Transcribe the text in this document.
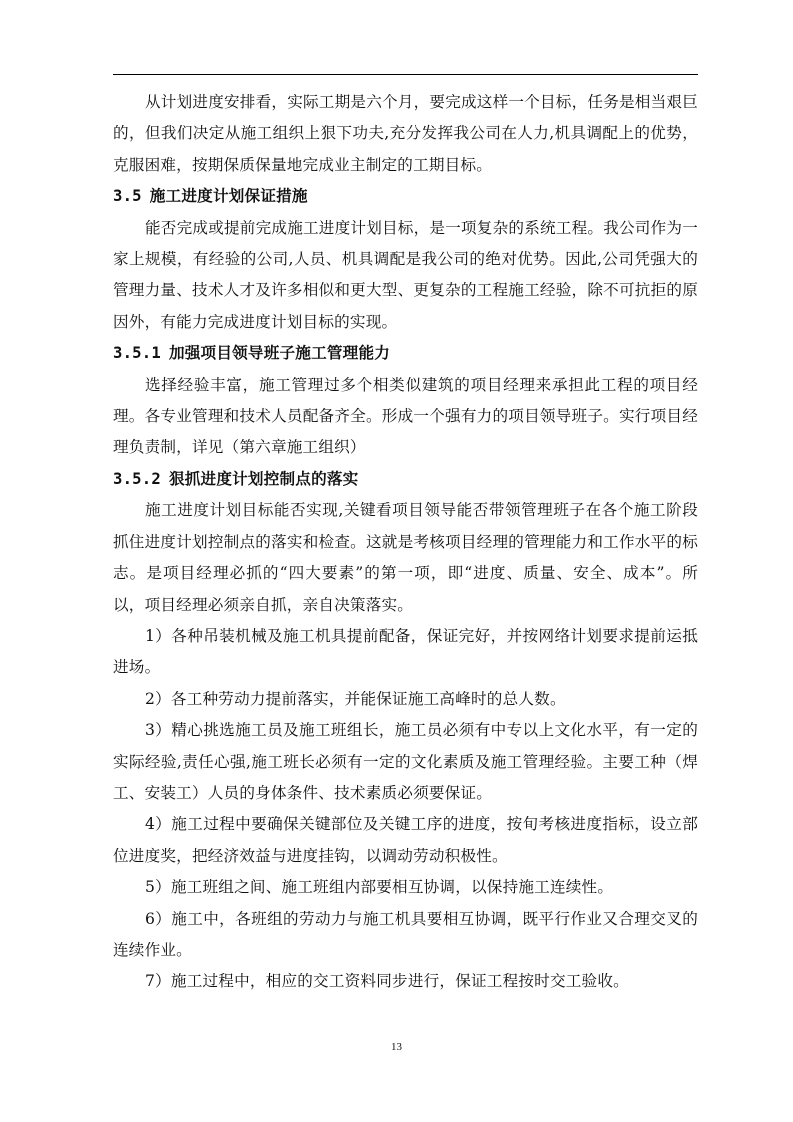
从计划进度安排看，实际工期是六个月，要完成这样一个目标，任务是相当艰巨的，但我们决定从施工组织上狠下功夫,充分发挥我公司在人力,机具调配上的优势，克服困难，按期保质保量地完成业主制定的工期目标。

3.5 施工进度计划保证措施

能否完成或提前完成施工进度计划目标，是一项复杂的系统工程。我公司作为一家上规模，有经验的公司,人员、机具调配是我公司的绝对优势。因此,公司凭强大的管理力量、技术人才及许多相似和更大型、更复杂的工程施工经验，除不可抗拒的原因外，有能力完成进度计划目标的实现。

3.5.1 加强项目领导班子施工管理能力

选择经验丰富，施工管理过多个相类似建筑的项目经理来承担此工程的项目经理。各专业管理和技术人员配备齐全。形成一个强有力的项目领导班子。实行项目经理负责制，详见（第六章施工组织）

3.5.2 狠抓进度计划控制点的落实

施工进度计划目标能否实现,关键看项目领导能否带领管理班子在各个施工阶段抓住进度计划控制点的落实和检查。这就是考核项目经理的管理能力和工作水平的标志。是项目经理必抓的“四大要素”的第一项，即“进度、质量、安全、成本”。所以，项目经理必须亲自抓，亲自决策落实。

1）各种吊装机械及施工机具提前配备，保证完好，并按网络计划要求提前运抵进场。

2）各工种劳动力提前落实，并能保证施工高峰时的总人数。

3）精心挑选施工员及施工班组长，施工员必须有中专以上文化水平，有一定的实际经验,责任心强,施工班长必须有一定的文化素质及施工管理经验。主要工种（焊工、安装工）人员的身体条件、技术素质必须要保证。

4）施工过程中要确保关键部位及关键工序的进度，按旬考核进度指标，设立部位进度奖，把经济效益与进度挂钩，以调动劳动积极性。

5）施工班组之间、施工班组内部要相互协调，以保持施工连续性。

6）施工中，各班组的劳动力与施工机具要相互协调，既平行作业又合理交叉的连续作业。

7）施工过程中，相应的交工资料同步进行，保证工程按时交工验收。

13
